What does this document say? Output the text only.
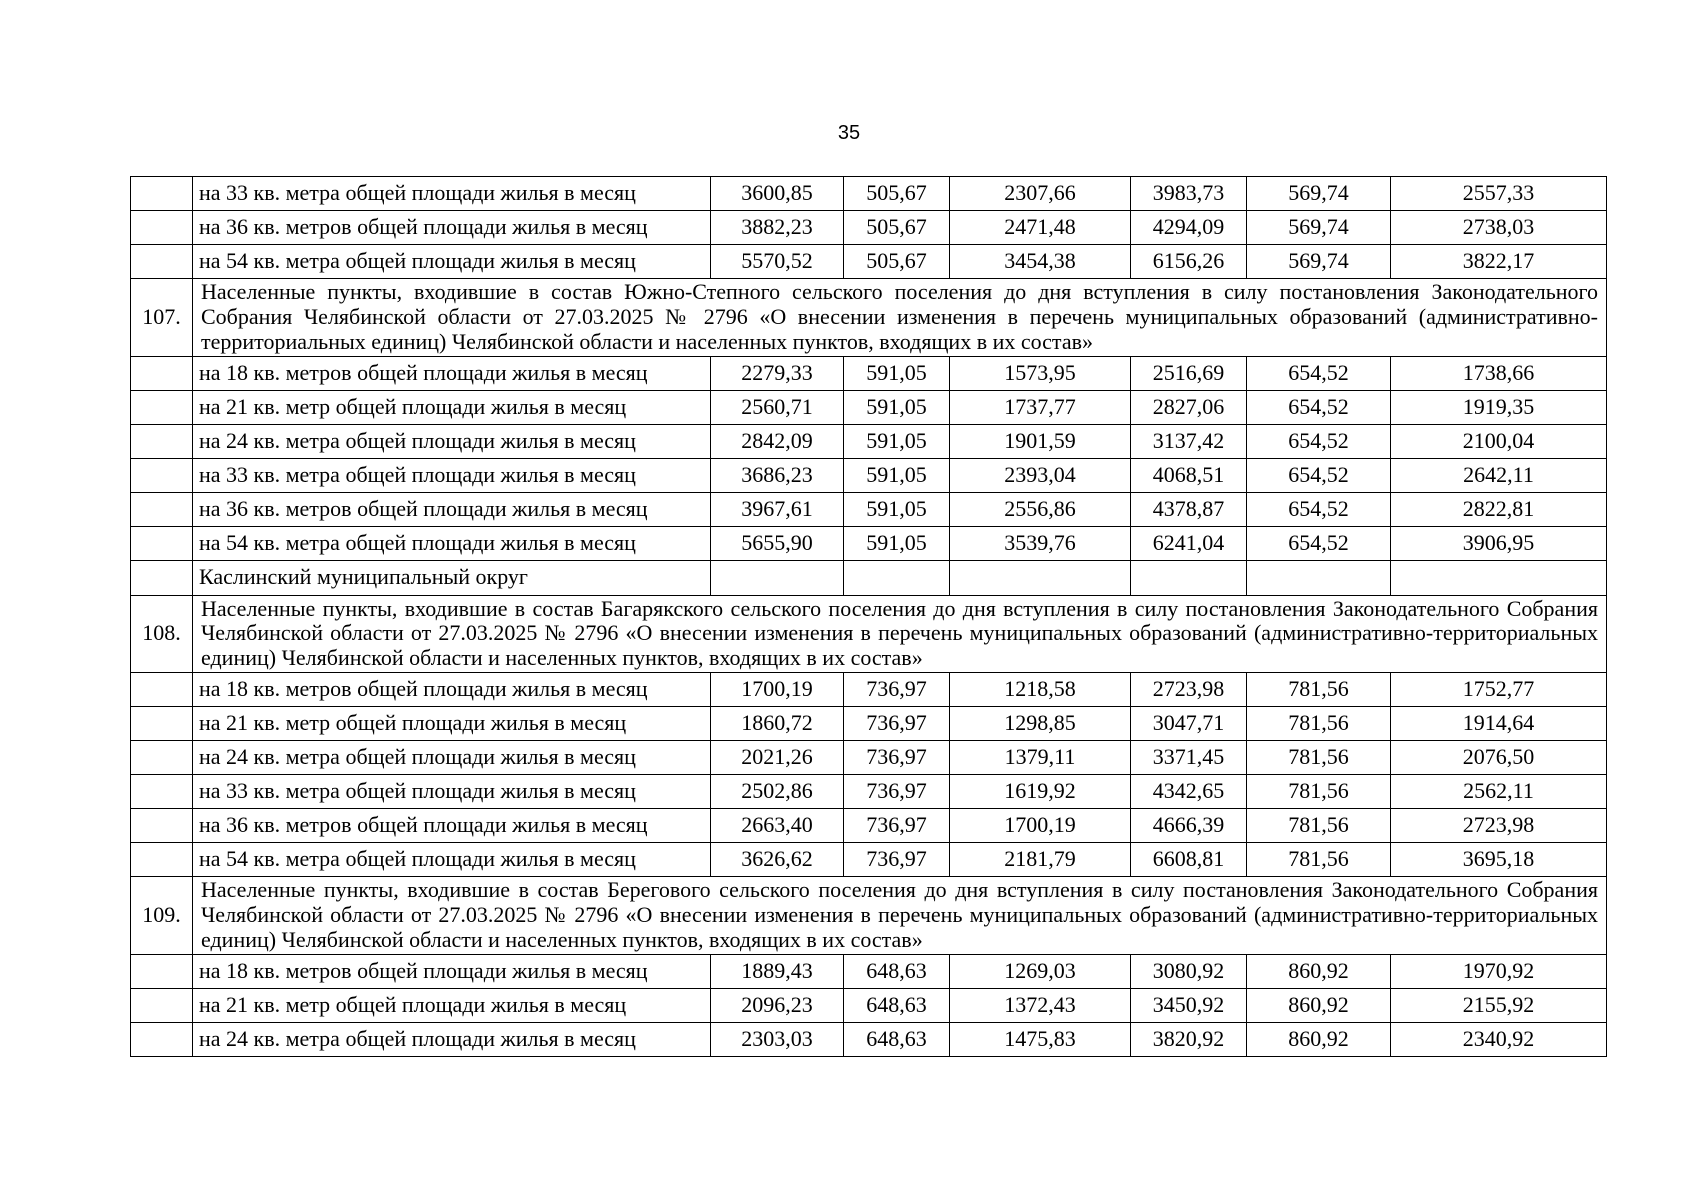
35
	на 33 кв. метра общей площади жилья в месяц	3600,85	505,67	2307,66	3983,73	569,74	2557,33
	на 36 кв. метров общей площади жилья в месяц	3882,23	505,67	2471,48	4294,09	569,74	2738,03
	на 54 кв. метра общей площади жилья в месяц	5570,52	505,67	3454,38	6156,26	569,74	3822,17
107.	Населенные пункты, входившие в состав Южно-Степного сельского поселения до дня вступления в силу постановления Законодательного Собрания Челябинской области от 27.03.2025 № 2796 «О внесении изменения в перечень муниципальных образований (административно-территориальных единиц) Челябинской области и населенных пунктов, входящих в их состав»						
	на 18 кв. метров общей площади жилья в месяц	2279,33	591,05	1573,95	2516,69	654,52	1738,66
	на 21 кв. метр общей площади жилья в месяц	2560,71	591,05	1737,77	2827,06	654,52	1919,35
	на 24 кв. метра общей площади жилья в месяц	2842,09	591,05	1901,59	3137,42	654,52	2100,04
	на 33 кв. метра общей площади жилья в месяц	3686,23	591,05	2393,04	4068,51	654,52	2642,11
	на 36 кв. метров общей площади жилья в месяц	3967,61	591,05	2556,86	4378,87	654,52	2822,81
	на 54 кв. метра общей площади жилья в месяц	5655,90	591,05	3539,76	6241,04	654,52	3906,95
	Каслинский муниципальный округ						
108.	Населенные пункты, входившие в состав Багарякского сельского поселения до дня вступления в силу постановления Законодательного Собрания Челябинской области от 27.03.2025 № 2796 «О внесении изменения в перечень муниципальных образований (административно-территориальных единиц) Челябинской области и населенных пунктов, входящих в их состав»						
	на 18 кв. метров общей площади жилья в месяц	1700,19	736,97	1218,58	2723,98	781,56	1752,77
	на 21 кв. метр общей площади жилья в месяц	1860,72	736,97	1298,85	3047,71	781,56	1914,64
	на 24 кв. метра общей площади жилья в месяц	2021,26	736,97	1379,11	3371,45	781,56	2076,50
	на 33 кв. метра общей площади жилья в месяц	2502,86	736,97	1619,92	4342,65	781,56	2562,11
	на 36 кв. метров общей площади жилья в месяц	2663,40	736,97	1700,19	4666,39	781,56	2723,98
	на 54 кв. метра общей площади жилья в месяц	3626,62	736,97	2181,79	6608,81	781,56	3695,18
109.	Населенные пункты, входившие в состав Берегового сельского поселения до дня вступления в силу постановления Законодательного Собрания Челябинской области от 27.03.2025 № 2796 «О внесении изменения в перечень муниципальных образований (административно-территориальных единиц) Челябинской области и населенных пунктов, входящих в их состав»						
	на 18 кв. метров общей площади жилья в месяц	1889,43	648,63	1269,03	3080,92	860,92	1970,92
	на 21 кв. метр общей площади жилья в месяц	2096,23	648,63	1372,43	3450,92	860,92	2155,92
	на 24 кв. метра общей площади жилья в месяц	2303,03	648,63	1475,83	3820,92	860,92	2340,92
